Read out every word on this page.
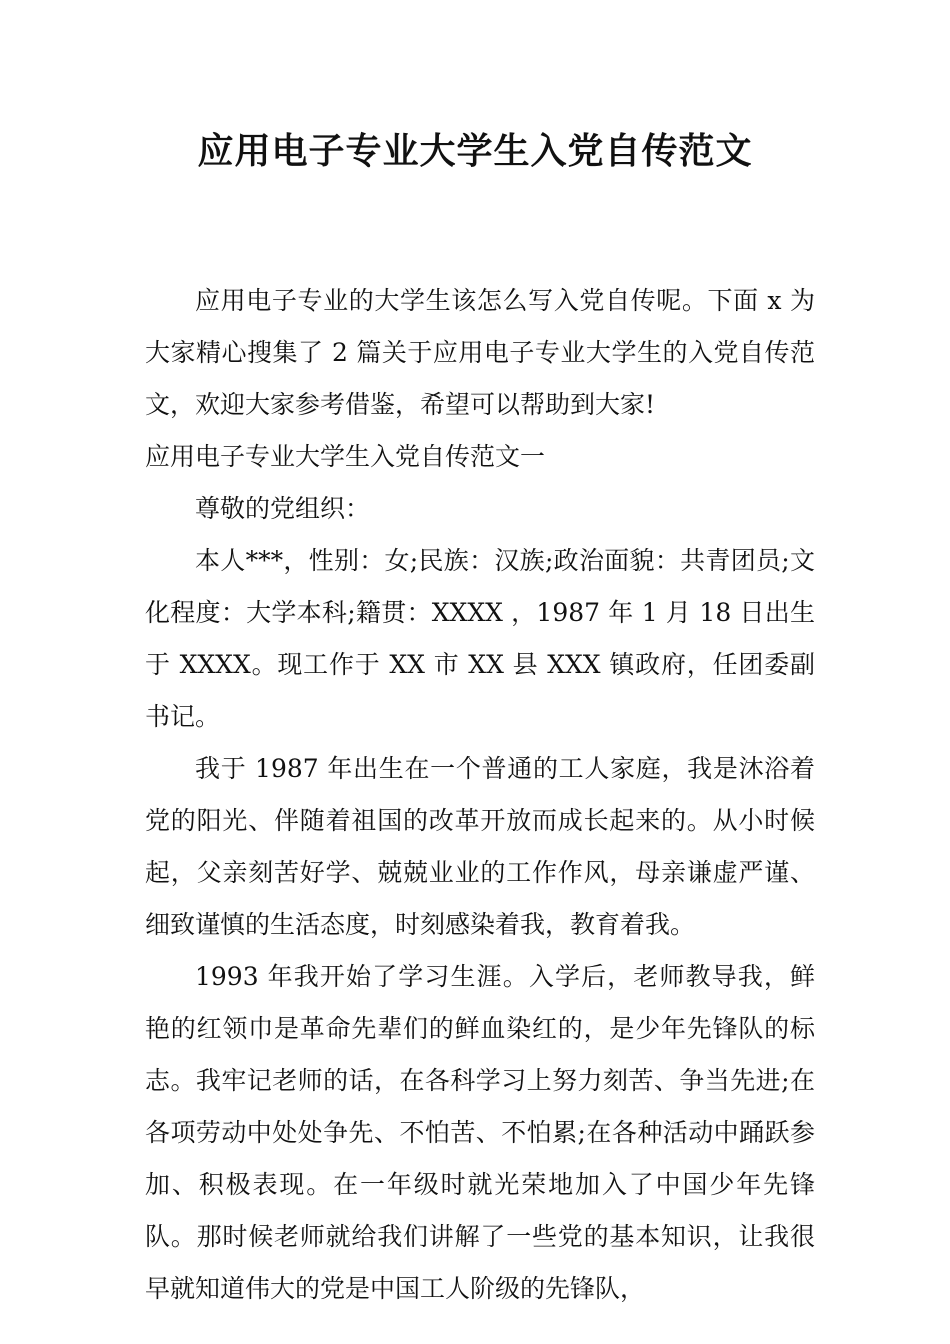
应用电子专业大学生入党自传范文

应用电子专业的大学生该怎么写入党自传呢。下面 x 为大家精心搜集了 2 篇关于应用电子专业大学生的入党自传范文，欢迎大家参考借鉴，希望可以帮助到大家!

应用电子专业大学生入党自传范文一

尊敬的党组织：

本人***，性别：女;民族：汉族;政治面貌：共青团员;文化程度：大学本科;籍贯：XXXX ，1987 年 1 月 18 日出生于 XXXX。现工作于 XX 市 XX 县 XXX 镇政府，任团委副书记。

我于 1987 年出生在一个普通的工人家庭，我是沐浴着党的阳光、伴随着祖国的改革开放而成长起来的。从小时候起，父亲刻苦好学、兢兢业业的工作作风，母亲谦虚严谨、细致谨慎的生活态度，时刻感染着我，教育着我。

1993 年我开始了学习生涯。入学后，老师教导我，鲜艳的红领巾是革命先辈们的鲜血染红的，是少年先锋队的标志。我牢记老师的话，在各科学习上努力刻苦、争当先进;在各项劳动中处处争先、不怕苦、不怕累;在各种活动中踊跃参加、积极表现。在一年级时就光荣地加入了中国少年先锋队。那时候老师就给我们讲解了一些党的基本知识，让我很早就知道伟大的党是中国工人阶级的先锋队，
